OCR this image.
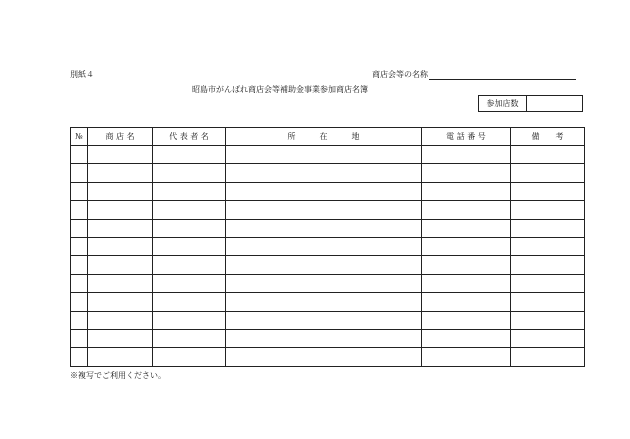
別紙４	商店会等の名称
昭島市がんばれ商店会等補助金事業参加商店名簿
参加店数
№	商 店 名	代 表 者 名	所　　　在　　　地	電 話 番 号	備　　考

※複写でご利用ください。
